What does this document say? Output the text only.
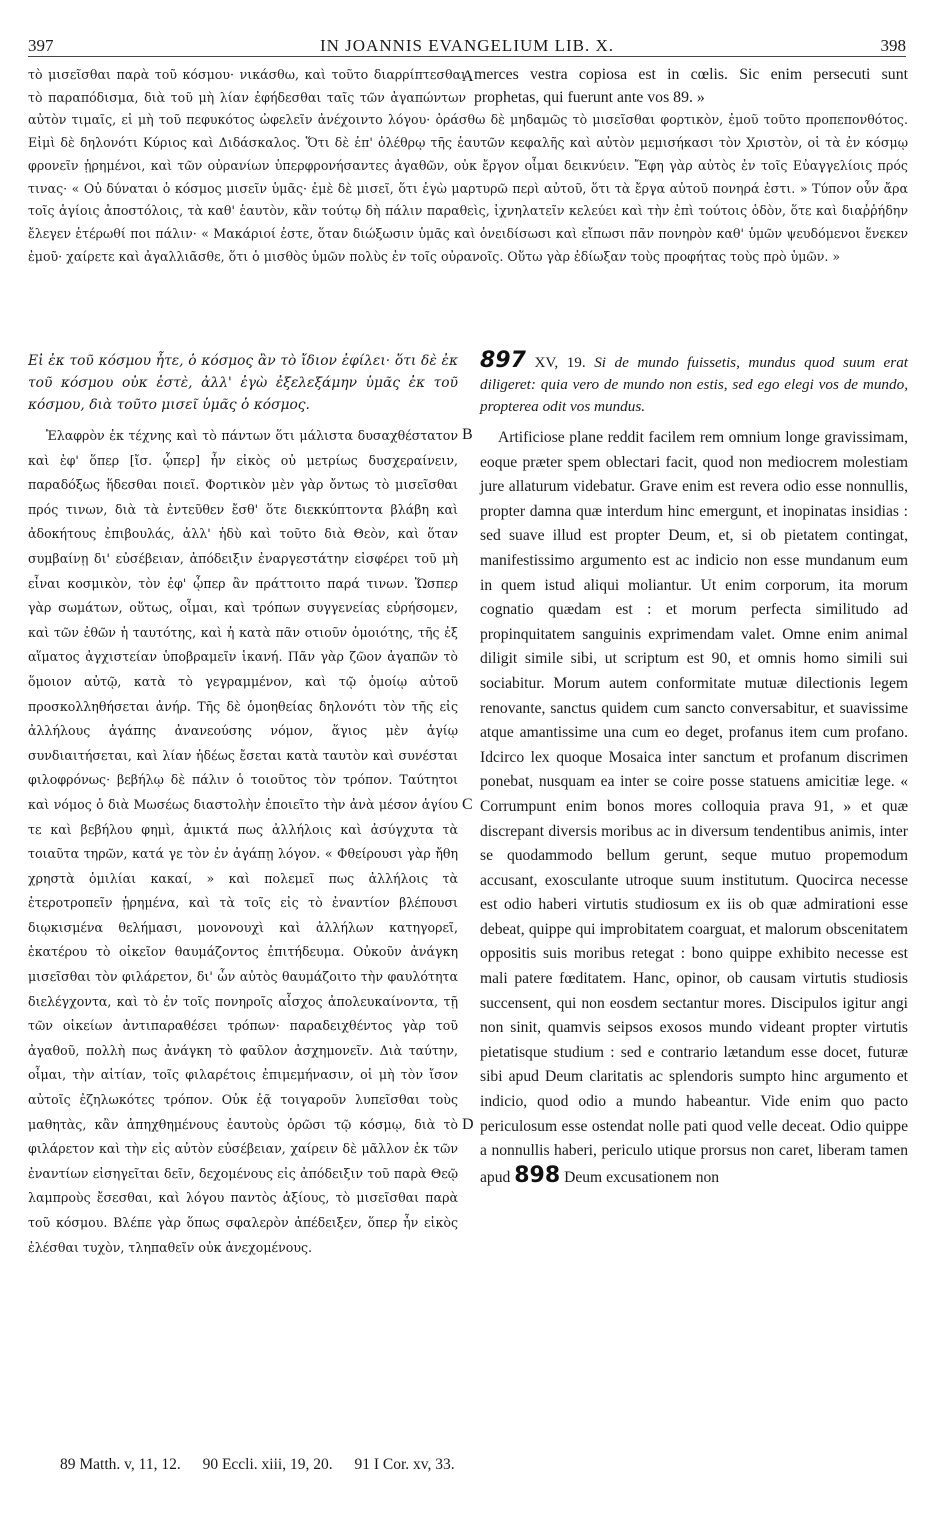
397	IN JOANNIS EVANGELIUM LIB. X.	398
merces vestra copiosa est in cœlis. Sic enim persecuti sunt prophetas, qui fuerunt ante vos 89. »
τὸ μισεῖσθαι παρὰ τοῦ κόσμου· νικάσθω, καὶ τοῦτο διαρρίπτεσθαι τὸ παραπόδισμα, διὰ τοῦ μὴ λίαν ἐφήδεσθαι ταῖς τῶν ἀγαπώντων αὐτὸν τιμαῖς, εἰ μὴ τοῦ πεφυκότος ὠφελεῖν ἀνέχοιντο λόγου· ὁράσθω δὲ μηδαμῶς τὸ μισεῖσθαι φορτικὸν, ἐμοῦ τοῦτο προπεπονθότος. Εἰμὶ δὲ δηλονότι Κύριος καὶ Διδάσκαλος. Ὅτι δὲ ἐπ' ὀλέθρῳ τῆς ἑαυτῶν κεφαλῆς καὶ αὐτὸν μεμισήκασι τὸν Χριστὸν, οἱ τὰ ἐν κόσμῳ φρονεῖν ᾑρημένοι, καὶ τῶν οὐρανίων ὑπερφρονήσαντες ἀγαθῶν, οὐκ ἔργον οἶμαι δεικνύειν. Ἔφη γὰρ αὐτὸς ἐν τοῖς Εὐαγγελίοις πρός τινας· « Οὐ δύναται ὁ κόσμος μισεῖν ὑμᾶς· ἐμὲ δὲ μισεῖ, ὅτι ἐγὼ μαρτυρῶ περὶ αὐτοῦ, ὅτι τὰ ἔργα αὐτοῦ πονηρά ἐστι. » Τύπον οὖν ἄρα τοῖς ἁγίοις ἀποστόλοις, τὰ καθ' ἑαυτὸν, κἂν τούτῳ δὴ πάλιν παραθεὶς, ἰχνηλατεῖν κελεύει καὶ τὴν ἐπὶ τούτοις ὁδὸν, ὅτε καὶ διαῤῥήδην ἔλεγεν ἑτέρωθί ποι πάλιν· « Μακάριοί ἐστε, ὅταν διώξωσιν ὑμᾶς καὶ ὀνειδίσωσι καὶ εἴπωσι πᾶν πονηρὸν καθ' ὑμῶν ψευδόμενοι ἕνεκεν ἐμοῦ· χαίρετε καὶ ἀγαλλιᾶσθε, ὅτι ὁ μισθὸς ὑμῶν πολὺς ἐν τοῖς οὐρανοῖς. Οὕτω γὰρ ἐδίωξαν τοὺς προφήτας τοὺς πρὸ ὑμῶν. »

Εἰ ἐκ τοῦ κόσμου ἦτε, ὁ κόσμος ἂν τὸ ἴδιον ἐφίλει· ὅτι δὲ ἐκ τοῦ κόσμου οὐκ ἐστὲ, ἀλλ' ἐγὼ ἐξελεξάμην ὑμᾶς ἐκ τοῦ κόσμου, διὰ τοῦτο μισεῖ ὑμᾶς ὁ κόσμος.

Ἐλαφρὸν ἐκ τέχνης καὶ τὸ πάντων ὅτι μάλιστα δυσαχθέστατον καὶ ἐφ' ὅπερ [ἴσ. ᾧπερ] ἦν εἰκὸς οὐ μετρίως δυσχεραίνειν, παραδόξως ἥδεσθαι ποιεῖ. Φορτικὸν μὲν γὰρ ὄντως τὸ μισεῖσθαι πρός τινων, διὰ τὰ ἐντεῦθεν ἔσθ' ὅτε διεκκύπτοντα βλάβη καὶ ἀδοκήτους ἐπιβουλάς, ἀλλ' ἡδὺ καὶ τοῦτο διὰ Θεὸν, καὶ ὅταν συμβαίνῃ δι' εὐσέβειαν, ἀπόδειξιν ἐναργεστάτην εἰσφέρει τοῦ μὴ εἶναι κοσμικὸν, τὸν ἐφ' ᾧπερ ἂν πράττοιτο παρά τινων. Ὥσπερ γὰρ σωμάτων, οὕτως, οἶμαι, καὶ τρόπων συγγενείας εὑρήσομεν, καὶ τῶν ἐθῶν ἡ ταυτότης, καὶ ἡ κατὰ πᾶν οτιοῦν ὁμοιότης, τῆς ἐξ αἵματος ἀγχιστείαν ὑποβραμεῖν ἱκανή. Πᾶν γὰρ ζῶον ἀγαπῶν τὸ ὅμοιον αὐτῷ, κατὰ τὸ γεγραμμένον, καὶ τῷ ὁμοίῳ αὐτοῦ προσκολληθήσεται ἀνήρ. Τῆς δὲ ὁμοηθείας δηλονότι τὸν τῆς εἰς ἀλλήλους ἀγάπης ἀνανεούσης νόμον, ἅγιος μὲν ἁγίῳ συνδιαιτήσεται, καὶ λίαν ἡδέως ἔσεται κατὰ ταυτὸν καὶ συνέσται φιλοφρόνως· βεβήλῳ δὲ πάλιν ὁ τοιοῦτος τὸν τρόπον. Ταύτητοι καὶ νόμος ὁ διὰ Μωσέως διαστολὴν ἐποιεῖτο τὴν ἀνὰ μέσον ἁγίου τε καὶ βεβήλου φημὶ, ἀμικτά πως ἀλλήλοις καὶ ἀσύγχυτα τὰ τοιαῦτα τηρῶν, κατά γε τὸν ἐν ἀγάπῃ λόγον. « Φθείρουσι γὰρ ἤθη χρηστὰ ὁμιλίαι κακαί, » καὶ πολεμεῖ πως ἀλλήλοις τὰ ἑτεροτροπεῖν ᾑρημένα, καὶ τὰ τοῖς εἰς τὸ ἐναντίον βλέπουσι διῳκισμένα θελήμασι, μονονουχὶ καὶ ἀλλήλων κατηγορεῖ, ἑκατέρου τὸ οἰκεῖον θαυμάζοντος ἐπιτήδευμα. Οὐκοῦν ἀνάγκη μισεῖσθαι τὸν φιλάρετον, δι' ὧν αὐτὸς θαυμάζοιτο τὴν φαυλότητα διελέγχοντα, καὶ τὸ ἐν τοῖς πονηροῖς αἶσχος ἀπολευκαίνοντα, τῇ τῶν οἰκείων ἀντιπαραθέσει τρόπων· παραδειχθέντος γὰρ τοῦ ἀγαθοῦ, πολλὴ πως ἀνάγκη τὸ φαῦλον ἀσχημονεῖν. Διὰ ταύτην, οἶμαι, τὴν αἰτίαν, τοῖς φιλαρέτοις ἐπιμεμήνασιν, οἱ μὴ τὸν ἴσον αὐτοῖς ἐζηλωκότες τρόπον. Οὐκ ἐᾷ τοιγαροῦν λυπεῖσθαι τοὺς μαθητὰς, κἂν ἀπηχθημένους ἑαυτοὺς ὁρῶσι τῷ κόσμῳ, διὰ τὸ φιλάρετον καὶ τὴν εἰς αὐτὸν εὐσέβειαν, χαίρειν δὲ μᾶλλον ἐκ τῶν ἐναντίων εἰσηγεῖται δεῖν, δεχομένους εἰς ἀπόδειξιν τοῦ παρὰ Θεῷ λαμπροὺς ἔσεσθαι, καὶ λόγου παντὸς ἀξίους, τὸ μισεῖσθαι παρὰ τοῦ κόσμου. Βλέπε γὰρ ὅπως σφαλερὸν ἀπέδειξεν, ὅπερ ἦν εἰκὸς ἐλέσθαι τυχὸν, τληπαθεῖν οὐκ ἀνεχομένους.

897 XV, 19. Si de mundo fuissetis, mundus quod suum erat diligeret: quia vero de mundo non estis, sed ego elegi vos de mundo, propterea odit vos mundus.

Artificiose plane reddit facilem rem omnium longe gravissimam, eoque præter spem oblectari facit, quod non mediocrem molestiam jure allaturum videbatur. Grave enim est revera odio esse nonnullis, propter damna quæ interdum hinc emergunt, et inopinatas insidias : sed suave illud est propter Deum, et, si ob pietatem contingat, manifestissimo argumento est ac indicio non esse mundanum eum in quem istud aliqui moliantur. Ut enim corporum, ita morum cognatio quædam est : et morum perfecta similitudo ad propinquitatem sanguinis exprimendam valet. Omne enim animal diligit simile sibi, ut scriptum est 90, et omnis homo simili sui sociabitur. Morum autem conformitate mutuæ dilectionis legem renovante, sanctus quidem cum sancto conversabitur, et suavissime atque amantissime una cum eo deget, profanus item cum profano. Idcirco lex quoque Mosaica inter sanctum et profanum discrimen ponebat, nusquam ea inter se coire posse statuens amicitiæ lege. « Corrumpunt enim bonos mores colloquia prava 91, » et quæ discrepant diversis moribus ac in diversum tendentibus animis, inter se quodammodo bellum gerunt, seque mutuo propemodum accusant, exosculante utroque suum institutum. Quocirca necesse est odio haberi virtutis studiosum ex iis ob quæ admirationi esse debeat, quippe qui improbitatem coarguat, et malorum obscenitatem oppositis suis moribus retegat : bono quippe exhibito necesse est mali patere fœditatem. Hanc, opinor, ob causam virtutis studiosis succensent, qui non eosdem sectantur mores. Discipulos igitur angi non sinit, quamvis seipsos exosos mundo videant propter virtutis pietatisque studium : sed e contrario lætandum esse docet, futuræ sibi apud Deum claritatis ac splendoris sumpto hinc argumento et indicio, quod odio a mundo habeantur. Vide enim quo pacto periculosum esse ostendat nolle pati quod velle deceat. Odio quippe a nonnullis haberi, periculo utique prorsus non caret, liberam tamen apud 898 Deum excusationem non

A
B
C
D
89 Matth. v, 11, 12. 90 Eccli. xiii, 19, 20. 91 I Cor. xv, 33.
